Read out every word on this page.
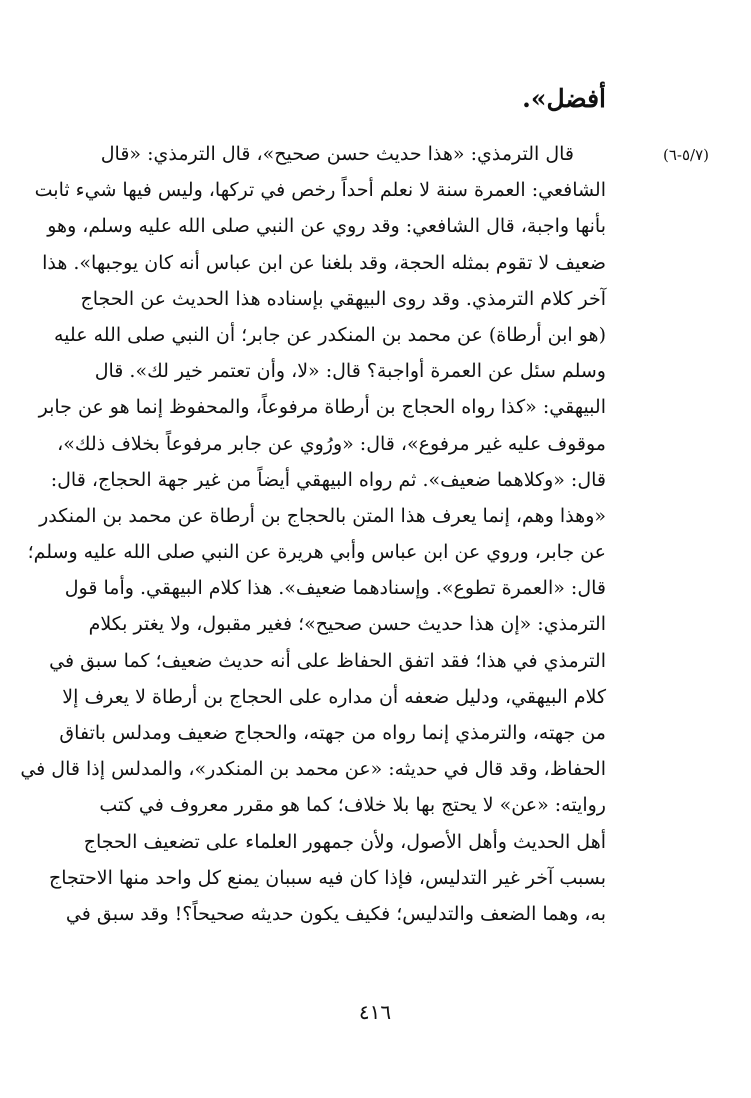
أفضل».
(٥/٧-٦)
قال الترمذي: «هذا حديث حسن صحيح»، قال الترمذي: «قال
الشافعي: العمرة سنة لا نعلم أحداً رخص في تركها، وليس فيها شيء ثابت
بأنها واجبة، قال الشافعي: وقد روي عن النبي صلى الله عليه وسلم، وهو
ضعيف لا تقوم بمثله الحجة، وقد بلغنا عن ابن عباس أنه كان يوجبها». هذا
آخر كلام الترمذي. وقد روى البيهقي بإسناده هذا الحديث عن الحجاج
(هو ابن أرطاة) عن محمد بن المنكدر عن جابر؛ أن النبي صلى الله عليه
وسلم سئل عن العمرة أواجبة؟ قال: «لا، وأن تعتمر خير لك». قال
البيهقي: «كذا رواه الحجاج بن أرطاة مرفوعاً، والمحفوظ إنما هو عن جابر
موقوف عليه غير مرفوع»، قال: «ورُوي عن جابر مرفوعاً بخلاف ذلك»،
قال: «وكلاهما ضعيف». ثم رواه البيهقي أيضاً من غير جهة الحجاج، قال:
«وهذا وهم، إنما يعرف هذا المتن بالحجاج بن أرطاة عن محمد بن المنكدر
عن جابر، وروي عن ابن عباس وأبي هريرة عن النبي صلى الله عليه وسلم؛
قال: «العمرة تطوع». وإسنادهما ضعيف». هذا كلام البيهقي. وأما قول
الترمذي: «إن هذا حديث حسن صحيح»؛ فغير مقبول، ولا يغتر بكلام
الترمذي في هذا؛ فقد اتفق الحفاظ على أنه حديث ضعيف؛ كما سبق في
كلام البيهقي، ودليل ضعفه أن مداره على الحجاج بن أرطاة لا يعرف إلا
من جهته، والترمذي إنما رواه من جهته، والحجاج ضعيف ومدلس باتفاق
الحفاظ، وقد قال في حديثه: «عن محمد بن المنكدر»، والمدلس إذا قال في
روايته: «عن» لا يحتج بها بلا خلاف؛ كما هو مقرر معروف في كتب
أهل الحديث وأهل الأصول، ولأن جمهور العلماء على تضعيف الحجاج
بسبب آخر غير التدليس، فإذا كان فيه سببان يمنع كل واحد منها الاحتجاج
به، وهما الضعف والتدليس؛ فكيف يكون حديثه صحيحاً؟! وقد سبق في
٤١٦
